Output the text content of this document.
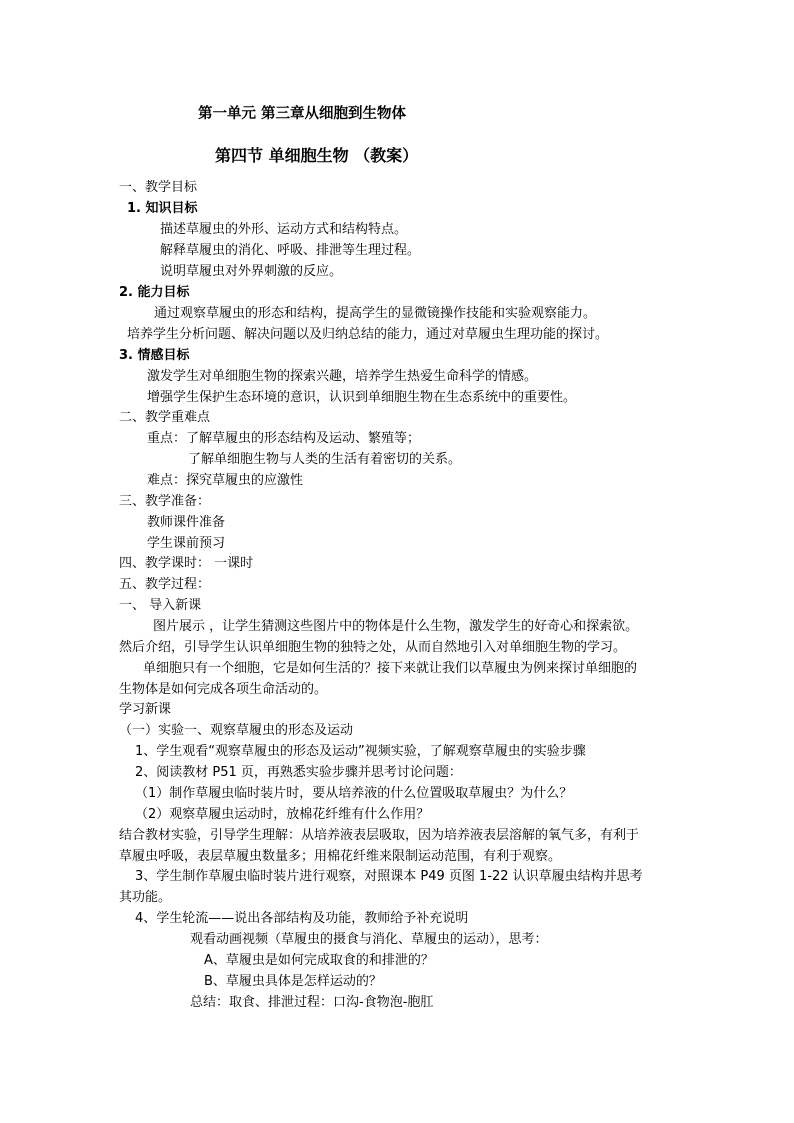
第一单元 第三章从细胞到生物体
第四节 单细胞生物 （教案）
一、教学目标
1. 知识目标
描述草履虫的外形、运动方式和结构特点。
解释草履虫的消化、呼吸、排泄等生理过程。
说明草履虫对外界刺激的反应。
2. 能力目标
通过观察草履虫的形态和结构，提高学生的显微镜操作技能和实验观察能力。
培养学生分析问题、解决问题以及归纳总结的能力，通过对草履虫生理功能的探讨。
3. 情感目标
激发学生对单细胞生物的探索兴趣，培养学生热爱生命科学的情感。
增强学生保护生态环境的意识，认识到单细胞生物在生态系统中的重要性。
二、教学重难点
重点：了解草履虫的形态结构及运动、繁殖等；
了解单细胞生物与人类的生活有着密切的关系。
难点：探究草履虫的应激性
三、教学准备：
教师课件准备
学生课前预习
四、教学课时： 一课时
五、教学过程：
一、 导入新课
图片展示 ，让学生猜测这些图片中的物体是什么生物，激发学生的好奇心和探索欲。
然后介绍，引导学生认识单细胞生物的独特之处，从而自然地引入对单细胞生物的学习。
单细胞只有一个细胞，它是如何生活的？接下来就让我们以草履虫为例来探讨单细胞的
生物体是如何完成各项生命活动的。
学习新课
（一）实验一、观察草履虫的形态及运动
1、学生观看“观察草履虫的形态及运动”视频实验，了解观察草履虫的实验步骤
2、阅读教材 P51 页，再熟悉实验步骤并思考讨论问题：
（1）制作草履虫临时装片时，要从培养液的什么位置吸取草履虫？为什么？
（2）观察草履虫运动时，放棉花纤维有什么作用？
结合教材实验，引导学生理解：从培养液表层吸取，因为培养液表层溶解的氧气多，有利于
草履虫呼吸，表层草履虫数量多；用棉花纤维来限制运动范围，有利于观察。
3、学生制作草履虫临时装片进行观察，对照课本 P49 页图 1-22 认识草履虫结构并思考
其功能。
4、学生轮流——说出各部结构及功能，教师给予补充说明
观看动画视频（草履虫的摄食与消化、草履虫的运动），思考：
A、草履虫是如何完成取食的和排泄的？
B、草履虫具体是怎样运动的？
总结：取食、排泄过程：口沟-食物泡-胞肛
